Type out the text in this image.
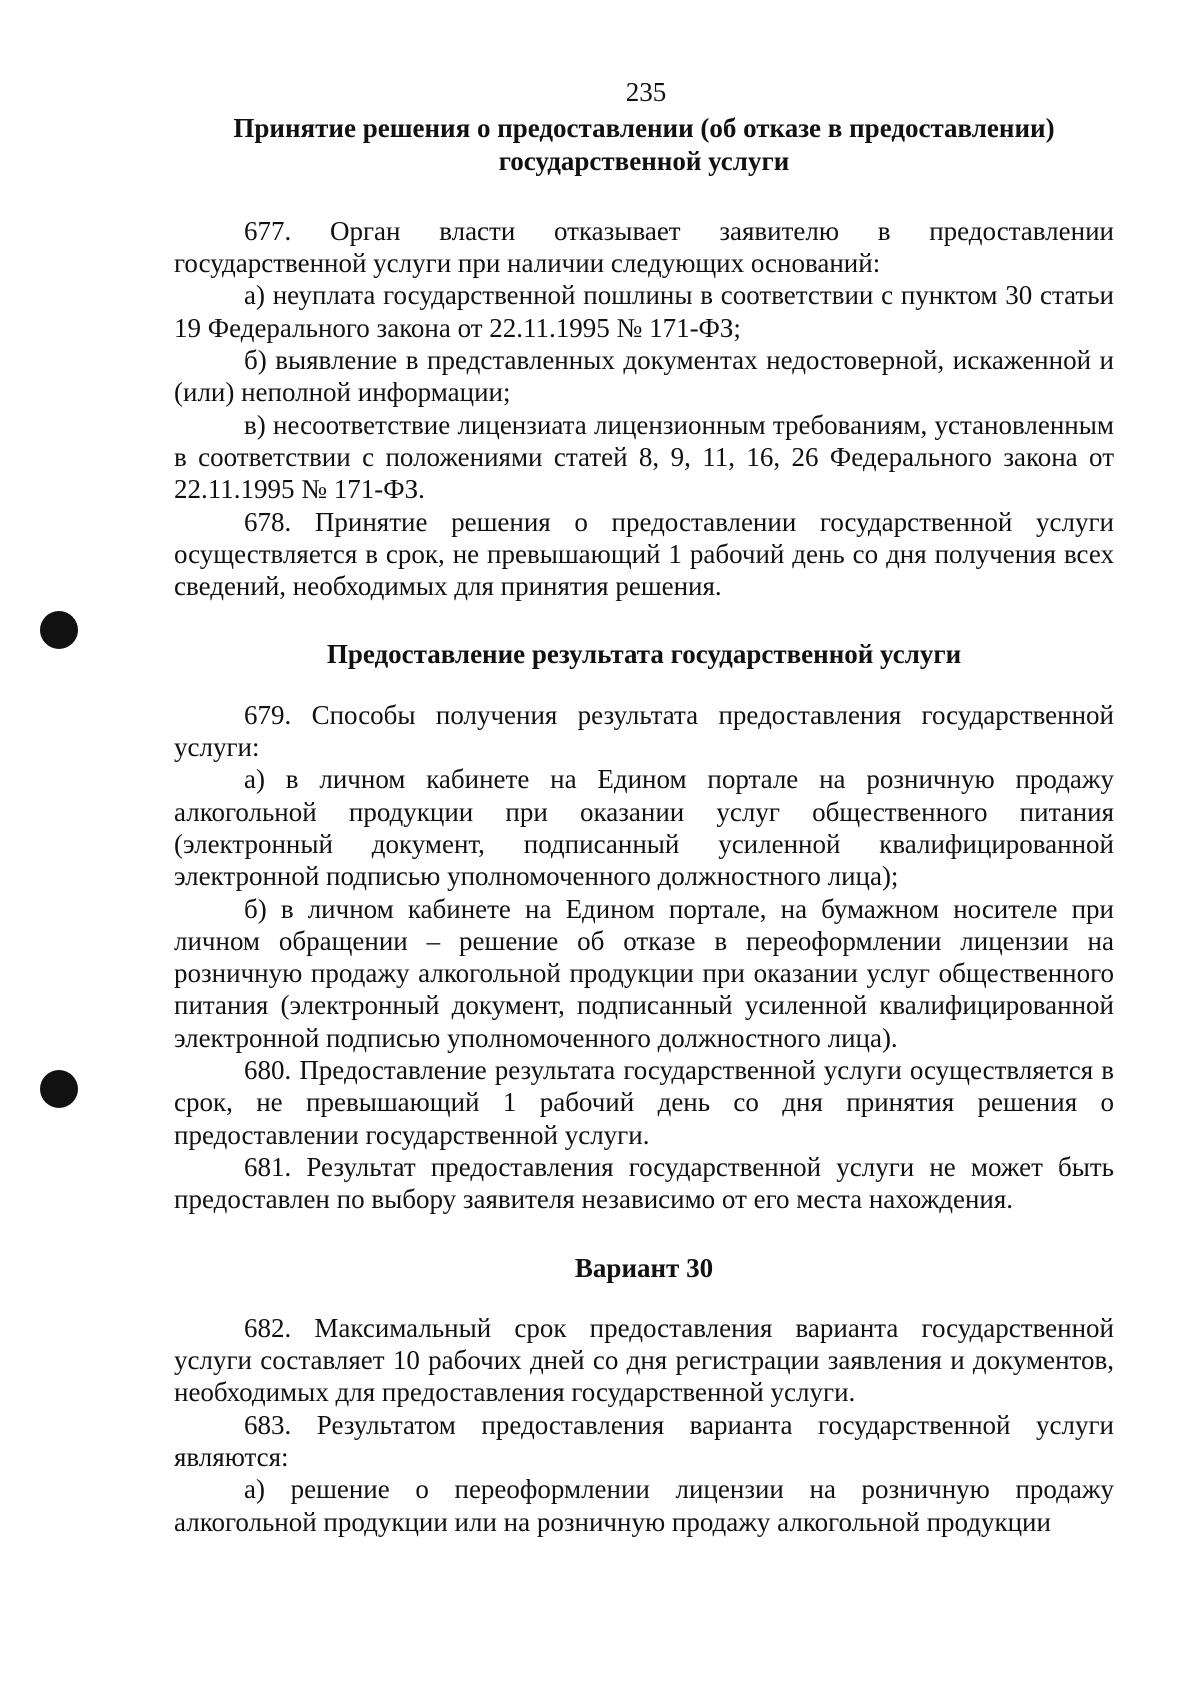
235
Принятие решения о предоставлении (об отказе в предоставлении)
государственной услуги

677. Орган власти отказывает заявителю в предоставлении государственной услуги при наличии следующих оснований:

а) неуплата государственной пошлины в соответствии с пунктом 30 статьи 19 Федерального закона от 22.11.1995 № 171-ФЗ;

б) выявление в представленных документах недостоверной, искаженной и (или) неполной информации;

в) несоответствие лицензиата лицензионным требованиям, установленным в соответствии с положениями статей 8, 9, 11, 16, 26 Федерального закона от 22.11.1995 № 171-ФЗ.

678. Принятие решения о предоставлении государственной услуги осуществляется в срок, не превышающий 1 рабочий день со дня получения всех сведений, необходимых для принятия решения.

Предоставление результата государственной услуги

679. Способы получения результата предоставления государственной услуги:

а) в личном кабинете на Едином портале на розничную продажу алкогольной продукции при оказании услуг общественного питания (электронный документ, подписанный усиленной квалифицированной электронной подписью уполномоченного должностного лица);

б) в личном кабинете на Едином портале, на бумажном носителе при личном обращении – решение об отказе в переоформлении лицензии на розничную продажу алкогольной продукции при оказании услуг общественного питания (электронный документ, подписанный усиленной квалифицированной электронной подписью уполномоченного должностного лица).

680. Предоставление результата государственной услуги осуществляется в срок, не превышающий 1 рабочий день со дня принятия решения о предоставлении государственной услуги.

681. Результат предоставления государственной услуги не может быть предоставлен по выбору заявителя независимо от его места нахождения.

Вариант 30

682. Максимальный срок предоставления варианта государственной услуги составляет 10 рабочих дней со дня регистрации заявления и документов, необходимых для предоставления государственной услуги.

683. Результатом предоставления варианта государственной услуги являются:

а) решение о переоформлении лицензии на розничную продажу алкогольной продукции или на розничную продажу алкогольной продукции
